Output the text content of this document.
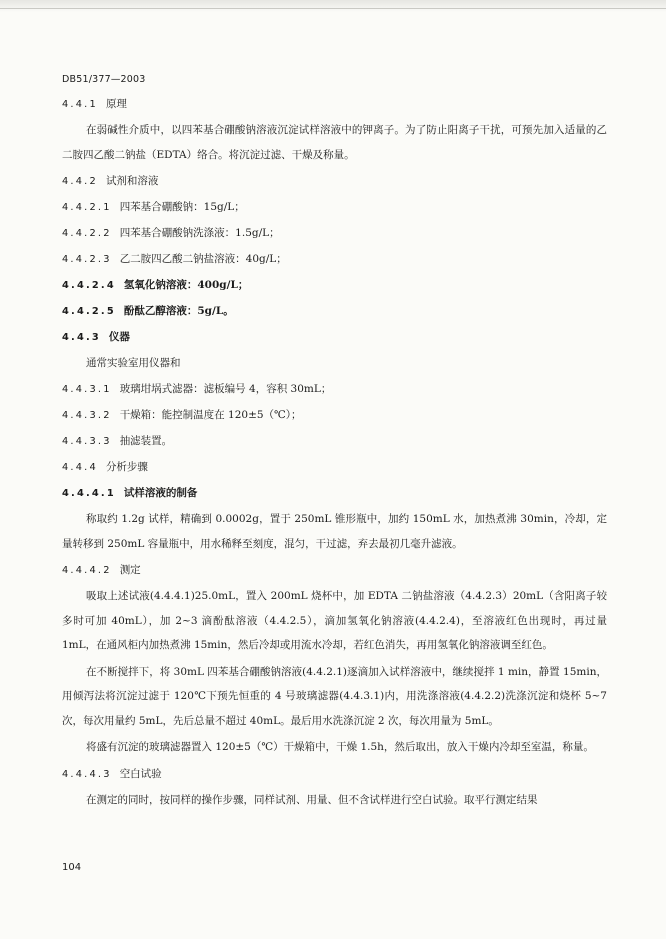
DB51/377—2003
4.4.1 原理

在弱碱性介质中，以四苯基合硼酸钠溶液沉淀试样溶液中的钾离子。为了防止阳离子干扰，可预先加入适量的乙二胺四乙酸二钠盐（EDTA）络合。将沉淀过滤、干燥及称量。

4.4.2 试剂和溶液
4.4.2.1 四苯基合硼酸钠：15g/L；
4.4.2.2 四苯基合硼酸钠洗涤液：1.5g/L；
4.4.2.3 乙二胺四乙酸二钠盐溶液：40g/L；
4.4.2.4 氢氧化钠溶液：400g/L；
4.4.2.5 酚酞乙醇溶液：5g/L。
4.4.3 仪器
通常实验室用仪器和
4.4.3.1 玻璃坩埚式滤器：滤板编号 4，容积 30mL；
4.4.3.2 干燥箱：能控制温度在 120±5（℃）；
4.4.3.3 抽滤装置。
4.4.4 分析步骤
4.4.4.1 试样溶液的制备

称取约 1.2g 试样，精确到 0.0002g，置于 250mL 锥形瓶中，加约 150mL 水，加热煮沸 30min，冷却，定量转移到 250mL 容量瓶中，用水稀释至刻度，混匀，干过滤，弃去最初几毫升滤液。

4.4.4.2 测定

吸取上述试液(4.4.4.1)25.0mL，置入 200mL 烧杯中，加 EDTA 二钠盐溶液（4.4.2.3）20mL（含阳离子较多时可加 40mL），加 2~3 滴酚酞溶液（4.4.2.5），滴加氢氧化钠溶液(4.4.2.4)，至溶液红色出现时，再过量 1mL，在通风柜内加热煮沸 15min，然后冷却或用流水冷却，若红色消失，再用氢氧化钠溶液调至红色。

在不断搅拌下，将 30mL 四苯基合硼酸钠溶液(4.4.2.1)逐滴加入试样溶液中，继续搅拌 1 min，静置 15min，用倾泻法将沉淀过滤于 120℃下预先恒重的 4 号玻璃滤器(4.4.3.1)内，用洗涤溶液(4.4.2.2)洗涤沉淀和烧杯 5~7 次，每次用量约 5mL，先后总量不超过 40mL。最后用水洗涤沉淀 2 次，每次用量为 5mL。

将盛有沉淀的玻璃滤器置入 120±5（℃）干燥箱中，干燥 1.5h，然后取出，放入干燥内冷却至室温，称量。

4.4.4.3 空白试验

在测定的同时，按同样的操作步骤，同样试剂、用量、但不含试样进行空白试验。取平行测定结果

104
